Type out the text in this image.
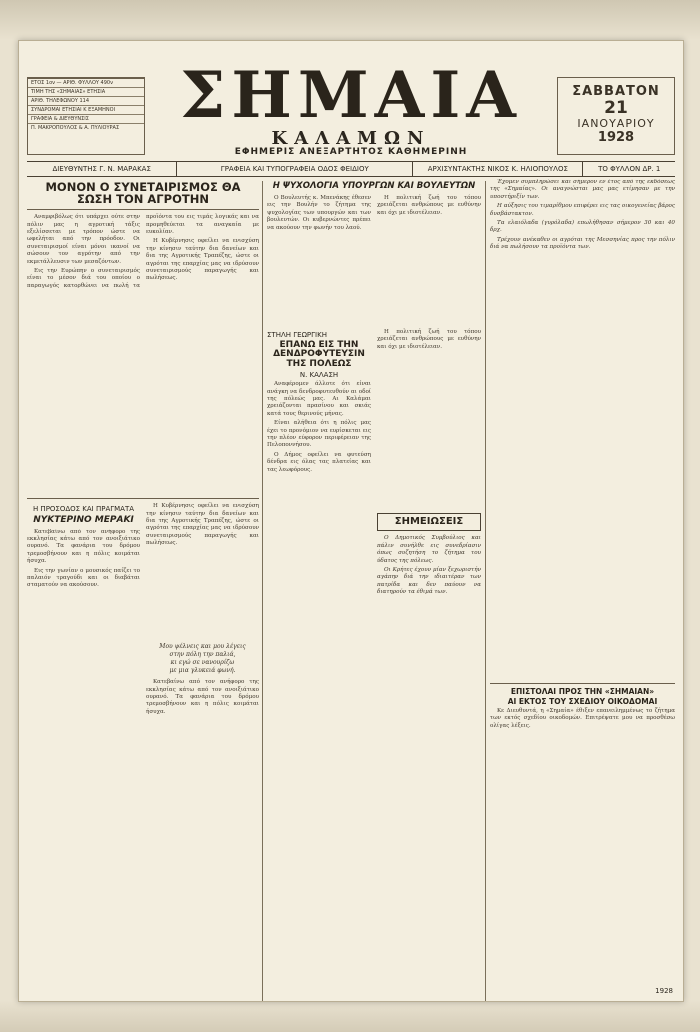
ΕΤΟΣ 1ον — ΑΡΙΘ. ΦΥΛΛΟΥ 490ν
ΤΙΜΗ ΤΗΣ «ΣΗΜΑΙΑΣ» ΕΤΗΣΙΑ
ΑΡΙΘ. ΤΗΛΕΦΩΝΟΥ 114
ΣΥΝΔΡΟΜΑΙ ΕΤΗΣΙΑΙ Κ ΕΞΑΜΗΝΟΙ
ΓΡΑΦΕΙΑ & ΔΙΕΥΘΥΝΣΙΣ
Π. ΜΑΚΡΟΠΟΥΛΟΣ & Α. ΠΥΛΙΟΥΡΑΣ ΣΗΜΑΙΑ
ΚΑΛΑΜΩΝ
ΕΦΗΜΕΡΙΣ ΑΝΕΞΑΡΤΗΤΟΣ ΚΑΘΗΜΕΡΙΝΗ
ΣΑΒΒΑΤΟΝ
21
ΙΑΝΟΥΑΡΙΟΥ
1928
ΔΙΕΥΘΥΝΤΗΣ Γ. Ν. ΜΑΡΑΚΑΣ	ΓΡΑΦΕΙΑ ΚΑΙ ΤΥΠΟΓΡΑΦΕΙΑ ΟΔΟΣ ΦΕΙΔΙΟΥ	ΑΡΧΙΣΥΝΤΑΚΤΗΣ ΝΙΚΟΣ Κ. ΗΛΙΟΠΟΥΛΟΣ	ΤΟ ΦΥΛΛΟΝ ΔΡ. 1
ΜΟΝΟΝ Ο ΣΥΝΕΤΑΙΡΙΣΜΟΣ ΘΑ ΣΩΣΗ ΤΟΝ ΑΓΡΟΤΗΝ

Αναμφιβόλως ότι υπάρχει ούτε στην πόλιν μας η αγροτική τάξις εξελίσσεται με τρόπον ώστε να ωφελήται από την πρόοδον. Οι συνεταιρισμοί είναι μόνοι ικανοί να σώσουν τον αγρότην από την εκμετάλλευσιν των μεσαζόντων.

Εις την Ευρώπην ο συνεταιρισμός είναι το μέσον διά του οποίου ο παραγωγός κατορθώνει να πωλή τα προϊόντα του εις τιμάς λογικάς και να προμηθεύεται τα αναγκαία με ευκολίαν.

Η Κυβέρνησις οφείλει να ενισχύση την κίνησιν ταύτην δια δανείων και δια της Αγροτικής Τραπέζης, ώστε οι αγρόται της επαρχίας μας να ιδρύσουν συνεταιρισμούς παραγωγής και πωλήσεως.

Η ΠΡΟΣΟΔΟΣ ΚΑΙ ΠΡΑΓΜΑΤΑ
ΝΥΚΤΕΡΙΝΟ ΜΕΡΑΚΙ

Κατεβαίνω από τον ανήφορο της εκκλησίας κάτω από τον ανοιξιάτικο ουρανό. Τα φανάρια του δρόμου τρεμοσβήνουν και η πόλις κοιμάται ήσυχα.

Εις την γωνίαν ο μουσικός παίζει το παλαιόν τραγούδι και οι διαβάται σταματούν να ακούσουν.

Η Κυβέρνησις οφείλει να ενισχύση την κίνησιν ταύτην δια δανείων και δια της Αγροτικής Τραπέζης, ώστε οι αγρόται της επαρχίας μας να ιδρύσουν συνεταιρισμούς παραγωγής και πωλήσεως.

Μου ψέλνεις και μου λέγεις
στην πόλη την παλιά,
κι εγώ σε νανουρίζω
με μια γλυκειά φωνή.

Κατεβαίνω από τον ανήφορο της εκκλησίας κάτω από τον ανοιξιάτικο ουρανό. Τα φανάρια του δρόμου τρεμοσβήνουν και η πόλις κοιμάται ήσυχα.

Η ΨΥΧΟΛΟΓΙΑ ΥΠΟΥΡΓΩΝ ΚΑΙ ΒΟΥΛΕΥΤΩΝ

Ο Βουλευτής κ. Μπενάκης έθεσεν εις την Βουλήν το ζήτημα της ψυχολογίας των υπουργών και των βουλευτών. Οι κυβερνώντες πρέπει να ακούουν την φωνήν του λαού.

Η πολιτική ζωή του τόπου χρειάζεται ανθρώπους με ευθύνην και όχι με ιδιοτέλειαν.

ΣΤΗΛΗ ΓΕΩΡΓΙΚΗ
ΕΠΑΝΩ ΕΙΣ ΤΗΝ ΔΕΝΔΡΟΦΥΤΕΥΣΙΝ ΤΗΣ ΠΟΛΕΩΣ
Ν. ΚΑΛΑΣΗ

Αναφέρομεν άλλοτε ότι είναι ανάγκη να δενδροφυτευθούν αι οδοί της πόλεώς μας. Αι Καλάμαι χρειάζονται πρασίνου και σκιάς κατά τους θερινούς μήνας.

Είναι αλήθεια ότι η πόλις μας έχει το προνόμιον να ευρίσκεται εις την πλέον εύφορον περιφέρειαν της Πελοποννήσου.

Ο Δήμος οφείλει να φυτεύση δένδρα εις όλας τας πλατείας και τας λεωφόρους.

Η πολιτική ζωή του τόπου χρειάζεται ανθρώπους με ευθύνην και όχι με ιδιοτέλειαν.

ΣΗΜΕΙΩΣΕΙΣ

Ο Δημοτικός Συμβούλιος και πάλιν συνήλθε εις συνεδρίασιν όπως συζητήση το ζήτημα του ύδατος της πόλεως.

Οι Κρήτες έχουν μίαν ξεχωριστήν αγάπην διά την ιδιαιτέραν των πατρίδα και δεν παύουν να διατηρούν τα έθιμά των.

Έχομεν συμπληρώσει και σήμερον εν έτος από της εκδόσεως της «Σημαίας». Οι αναγνώσται μας μας ετίμησαν με την υποστήριξίν των.

Η αύξησις του τιμαρίθμου επιφέρει εις τας οικογενείας βάρος δυσβάστακτον.

Τα ελαιόλαδα (γυρόλαδα) επωλήθησαν σήμερον 30 και 40 δρχ.

Τρέχουν ανέκαθεν οι αγρόται της Μεσσηνίας προς την πόλιν διά να πωλήσουν τα προϊόντα των.

ΕΠΙΣΤΟΛΑΙ ΠΡΟΣ ΤΗΝ «ΣΗΜΑΙΑΝ»
ΑΙ ΕΚΤΟΣ ΤΟΥ ΣΧΕΔΙΟΥ ΟΙΚΟΔΟΜΑΙ

Κε Διευθυντά, η «Σημαία» έθιξεν επανειλημμένως το ζήτημα των εκτός σχεδίου οικοδομών. Επιτρέψατε μου να προσθέσω ολίγας λέξεις.

1928
